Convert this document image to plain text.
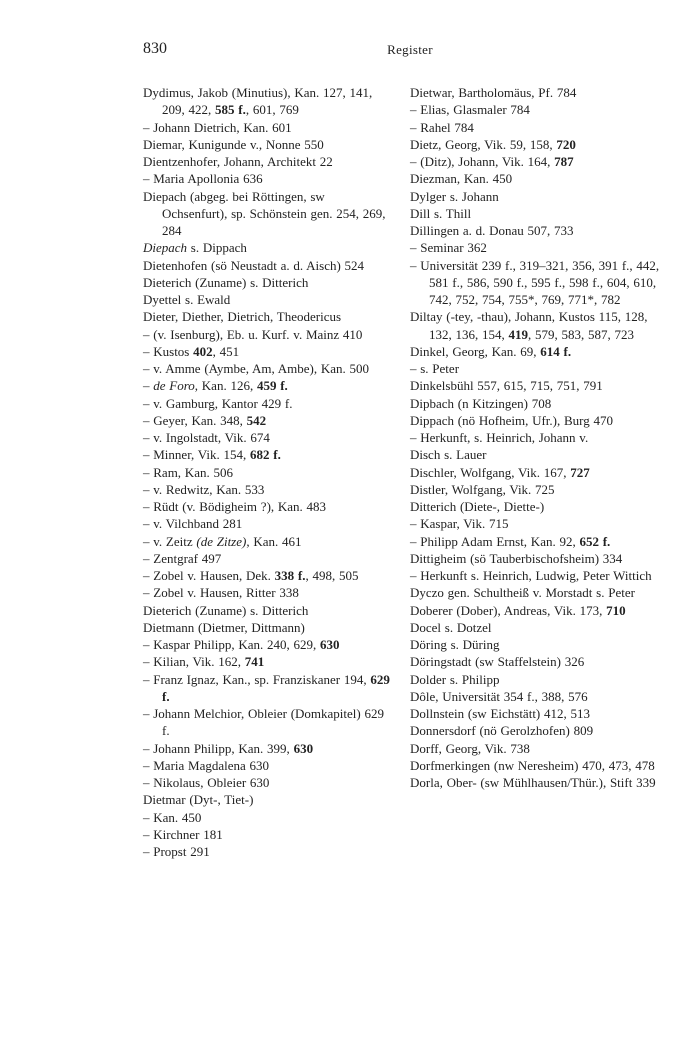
830	Register

Dydimus, Jakob (Minutius), Kan. 127, 141, 209, 422, 585 f., 601, 769

– Johann Dietrich, Kan. 601

Diemar, Kunigunde v., Nonne 550

Dientzenhofer, Johann, Architekt 22

– Maria Apollonia 636

Diepach (abgeg. bei Röttingen, sw Ochsenfurt), sp. Schönstein gen. 254, 269, 284

Diepach s. Dippach

Dietenhofen (sö Neustadt a. d. Aisch) 524

Dieterich (Zuname) s. Ditterich

Dyettel s. Ewald

Dieter, Diether, Dietrich, Theodericus

– (v. Isenburg), Eb. u. Kurf. v. Mainz 410

– Kustos 402, 451

– v. Amme (Aymbe, Am, Ambe), Kan. 500

– de Foro, Kan. 126, 459 f.

– v. Gamburg, Kantor 429 f.

– Geyer, Kan. 348, 542

– v. Ingolstadt, Vik. 674

– Minner, Vik. 154, 682 f.

– Ram, Kan. 506

– v. Redwitz, Kan. 533

– Rüdt (v. Bödigheim ?), Kan. 483

– v. Vilchband 281

– v. Zeitz (de Zitze), Kan. 461

– Zentgraf 497

– Zobel v. Hausen, Dek. 338 f., 498, 505

– Zobel v. Hausen, Ritter 338

Dieterich (Zuname) s. Ditterich

Dietmann (Dietmer, Dittmann)

– Kaspar Philipp, Kan. 240, 629, 630

– Kilian, Vik. 162, 741

– Franz Ignaz, Kan., sp. Franziskaner 194, 629 f.

– Johann Melchior, Obleier (Domkapitel) 629 f.

– Johann Philipp, Kan. 399, 630

– Maria Magdalena 630

– Nikolaus, Obleier 630

Dietmar (Dyt-, Tiet-)

– Kan. 450

– Kirchner 181

– Propst 291

Dietwar, Bartholomäus, Pf. 784

– Elias, Glasmaler 784

– Rahel 784

Dietz, Georg, Vik. 59, 158, 720

– (Ditz), Johann, Vik. 164, 787

Diezman, Kan. 450

Dylger s. Johann

Dill s. Thill

Dillingen a. d. Donau 507, 733

– Seminar 362

– Universität 239 f., 319–321, 356, 391 f., 442, 581 f., 586, 590 f., 595 f., 598 f., 604, 610, 742, 752, 754, 755*, 769, 771*, 782

Diltay (-tey, -thau), Johann, Kustos 115, 128, 132, 136, 154, 419, 579, 583, 587, 723

Dinkel, Georg, Kan. 69, 614 f.

– s. Peter

Dinkelsbühl 557, 615, 715, 751, 791

Dipbach (n Kitzingen) 708

Dippach (nö Hofheim, Ufr.), Burg 470

– Herkunft, s. Heinrich, Johann v.

Disch s. Lauer

Dischler, Wolfgang, Vik. 167, 727

Distler, Wolfgang, Vik. 725

Ditterich (Diete-, Diette-)

– Kaspar, Vik. 715

– Philipp Adam Ernst, Kan. 92, 652 f.

Dittigheim (sö Tauberbischofsheim) 334

– Herkunft s. Heinrich, Ludwig, Peter Wittich

Dyczo gen. Schultheiß v. Morstadt s. Peter

Doberer (Dober), Andreas, Vik. 173, 710

Docel s. Dotzel

Döring s. Düring

Döringstadt (sw Staffelstein) 326

Dolder s. Philipp

Dôle, Universität 354 f., 388, 576

Dollnstein (sw Eichstätt) 412, 513

Donnersdorf (nö Gerolzhofen) 809

Dorff, Georg, Vik. 738

Dorfmerkingen (nw Neresheim) 470, 473, 478

Dorla, Ober- (sw Mühlhausen/Thür.), Stift 339
